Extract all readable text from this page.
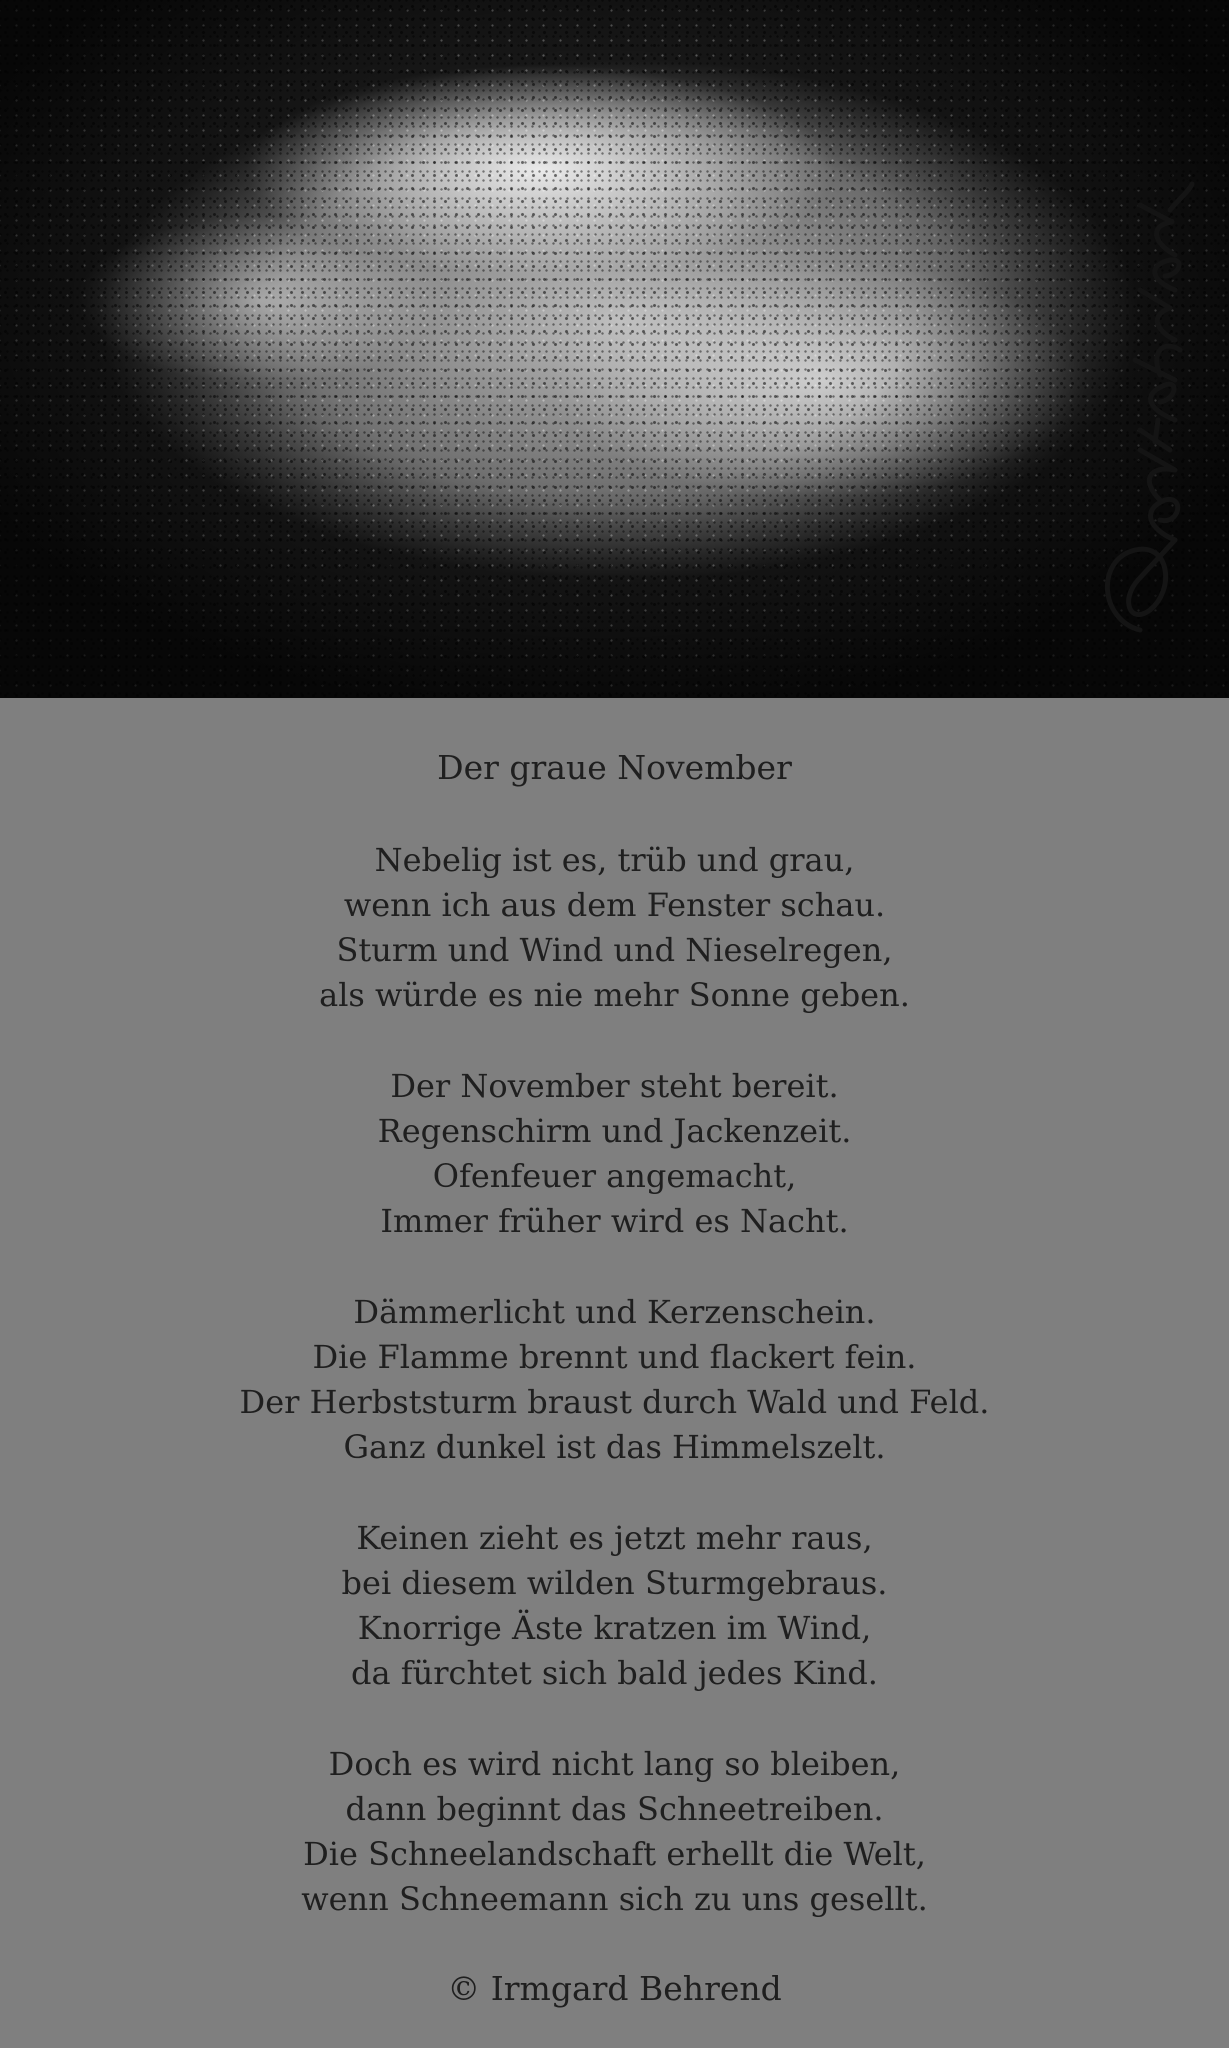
Gedichtezauber
Der graue November

Nebelig ist es, trüb und grau,
wenn ich aus dem Fenster schau.
Sturm und Wind und Nieselregen,
als würde es nie mehr Sonne geben.

Der November steht bereit.
Regenschirm und Jackenzeit.
Ofenfeuer angemacht,
Immer früher wird es Nacht.

Dämmerlicht und Kerzenschein.
Die Flamme brennt und flackert fein.
Der Herbststurm braust durch Wald und Feld.
Ganz dunkel ist das Himmelszelt.

Keinen zieht es jetzt mehr raus,
bei diesem wilden Sturmgebraus.
Knorrige Äste kratzen im Wind,
da fürchtet sich bald jedes Kind.

Doch es wird nicht lang so bleiben,
dann beginnt das Schneetreiben.
Die Schneelandschaft erhellt die Welt,
wenn Schneemann sich zu uns gesellt.

© Irmgard Behrend
